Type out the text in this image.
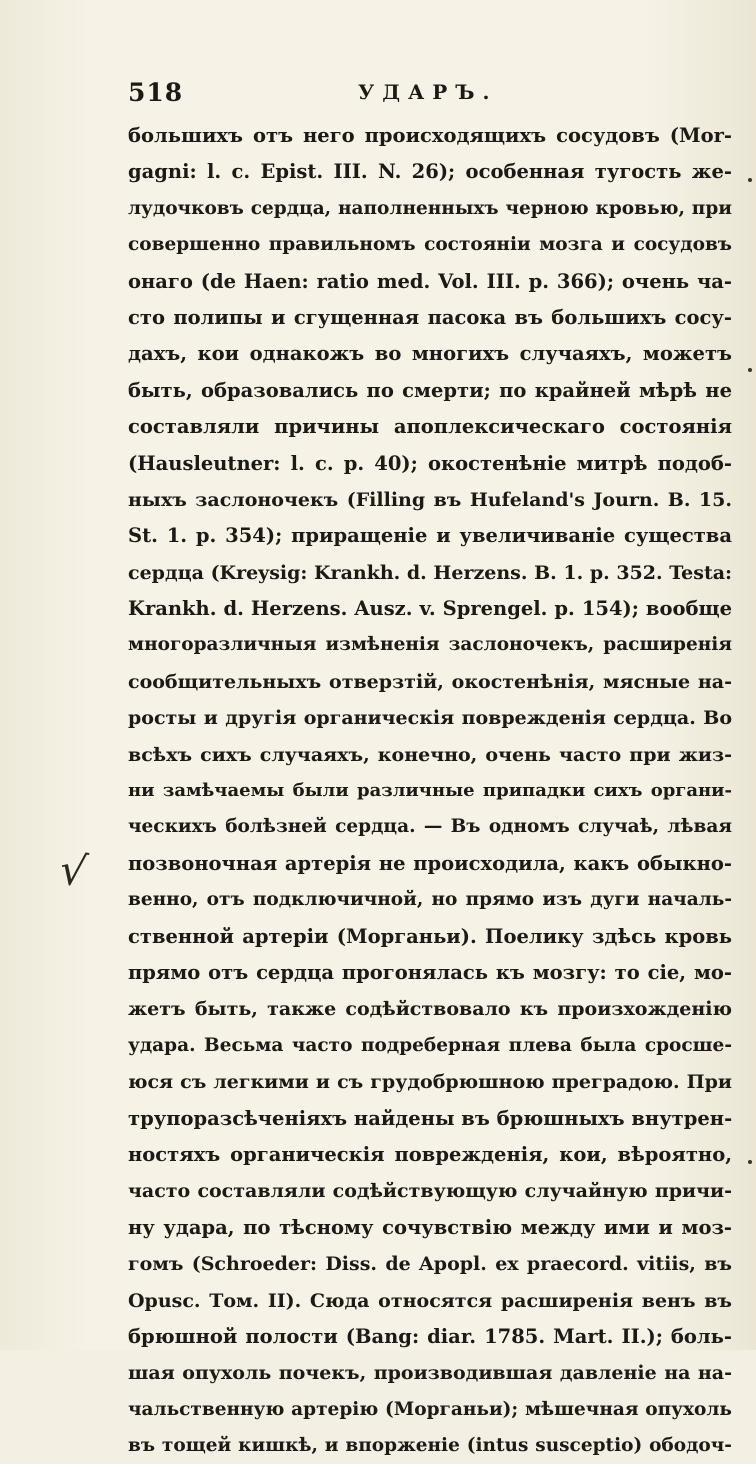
518	УДАРЪ.
большихъ отъ него происходящихъ сосудовъ (Mor-
gagni: l. c. Epist. III. N. 26); особенная тугость же-
лудочковъ сердца, наполненныхъ черною кровью, при
совершенно правильномъ состояніи мозга и сосудовъ
онаго (de Haen: ratio med. Vol. III. p. 366); очень ча-
сто полипы и сгущенная пасока въ большихъ сосу-
дахъ, кои однакожъ во многихъ случаяхъ, можетъ
быть, образовались по смерти; по крайней мѣрѣ не
составляли причины апоплексическаго состоянія
(Hausleutner: l. c. p. 40); окостенѣніе митрѣ подоб-
ныхъ заслоночекъ (Filling въ Hufeland's Journ. B. 15.
St. 1. p. 354); приращеніе и увеличиваніе существа
сердца (Kreysig: Krankh. d. Herzens. B. 1. p. 352. Testa:
Krankh. d. Herzens. Ausz. v. Sprengel. p. 154); вообще
многоразличныя измѣненія заслоночекъ, расширенія
сообщительныхъ отверзтій, окостенѣнія, мясные на-
росты и другія органическія поврежденія сердца. Во
всѣхъ сихъ случаяхъ, конечно, очень часто при жиз-
ни замѣчаемы были различные припадки сихъ органи-
ческихъ болѣзней сердца. — Въ одномъ случаѣ, лѣвая
позвоночная артерія не происходила, какъ обыкно-
венно, отъ подключичной, но прямо изъ дуги началь-
ственной артеріи (Морганьи). Поелику здѣсь кровь
прямо отъ сердца прогонялась къ мозгу: то сіе, мо-
жетъ быть, также содѣйствовало къ произхожденію
удара. Весьма часто подреберная плева была сросше-
юся съ легкими и съ грудобрюшною преградою. При
трупоразсѣченіяхъ найдены въ брюшныхъ внутрен-
ностяхъ органическія поврежденія, кои, вѣроятно,
часто составляли содѣйствующую случайную причи-
ну удара, по тѣсному сочувствію между ими и моз-
гомъ (Schroeder: Diss. de Apopl. ex praecord. vitiis, въ
Opusc. Том. II). Сюда относятся расширенія венъ въ
брюшной полости (Bang: diar. 1785. Mart. II.); боль-
шая опухоль почекъ, производившая давленіе на на-
чальственную артерію (Морганьи); мѣшечная опухоль
въ тощей кишкѣ, и впорженіе (intus susceptio) ободоч-
√
